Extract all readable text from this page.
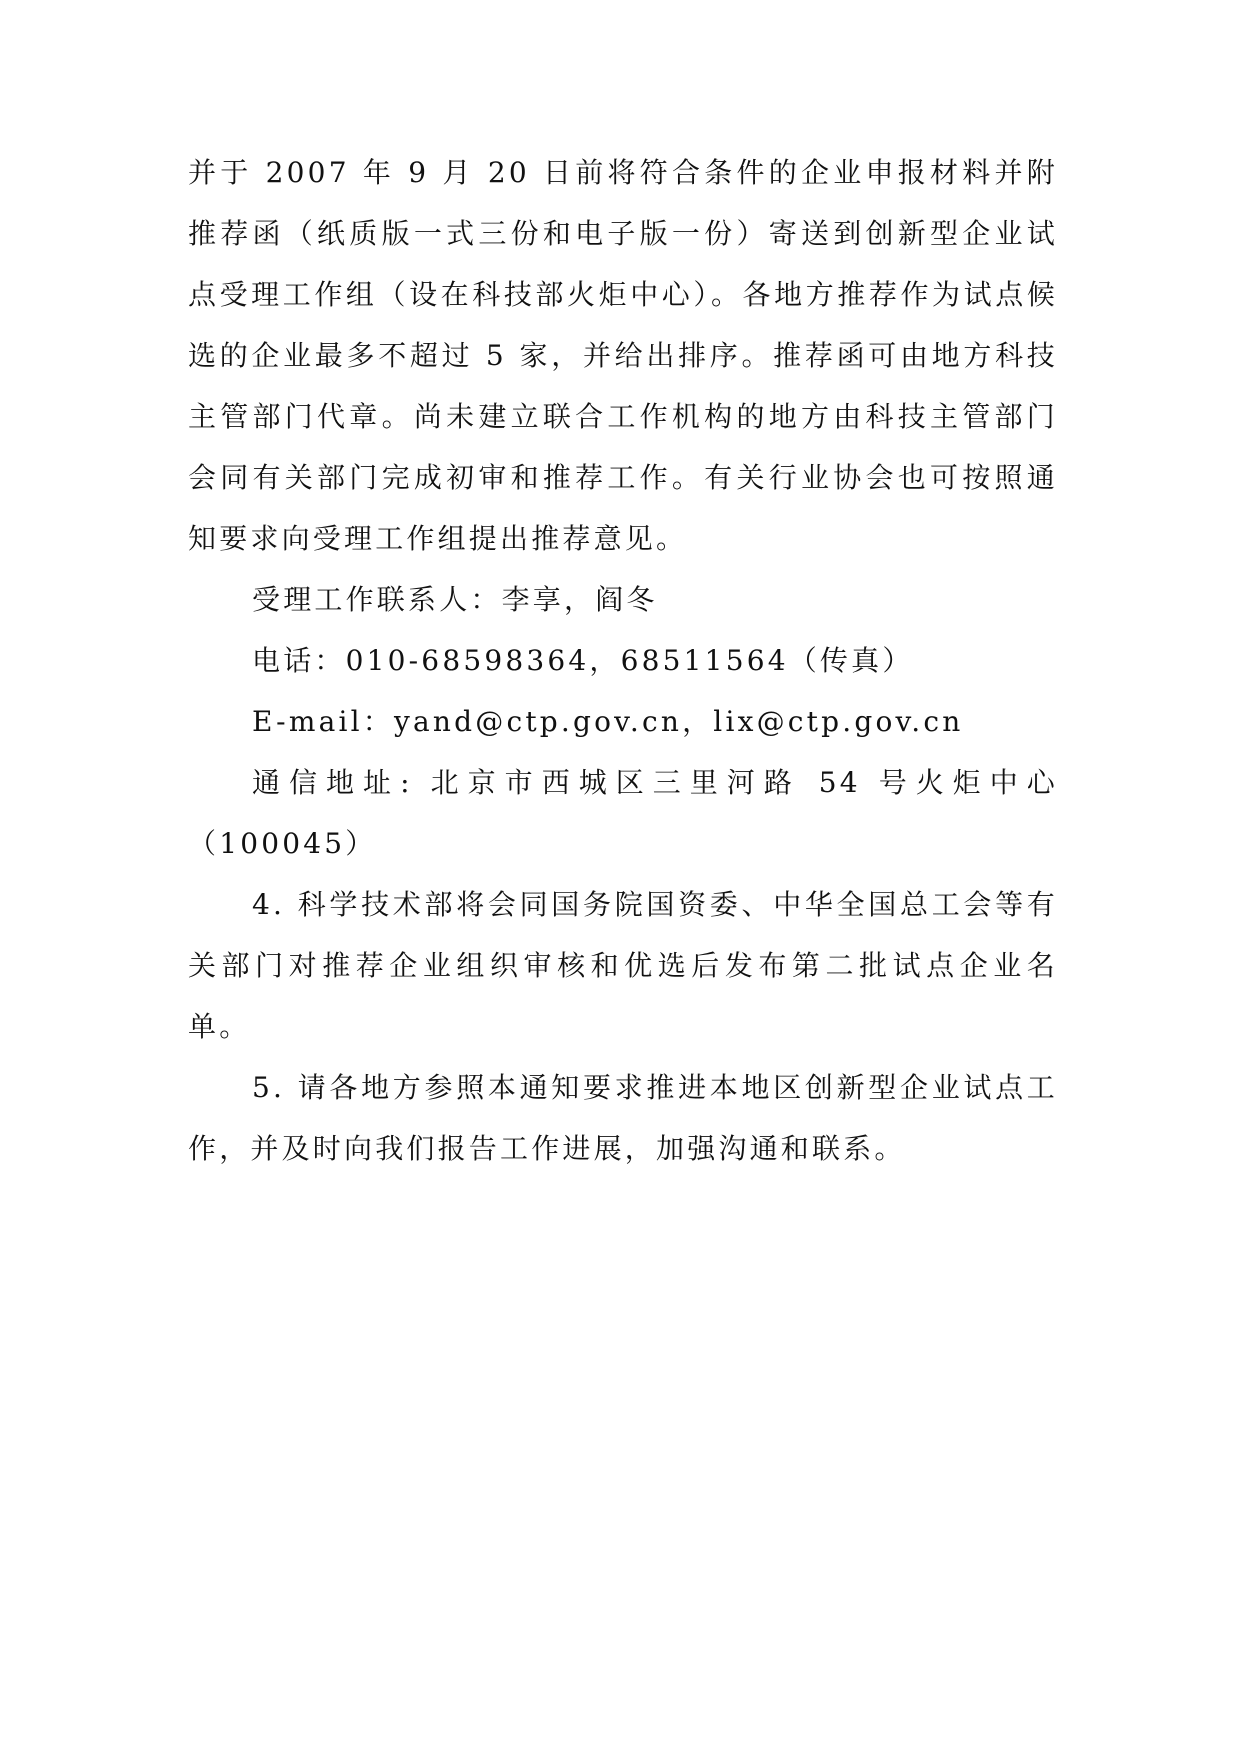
并于 2007 年 9 月 20 日前将符合条件的企业申报材料并附推荐函（纸质版一式三份和电子版一份）寄送到创新型企业试点受理工作组（设在科技部火炬中心）。各地方推荐作为试点候选的企业最多不超过 5 家，并给出排序。推荐函可由地方科技主管部门代章。尚未建立联合工作机构的地方由科技主管部门会同有关部门完成初审和推荐工作。有关行业协会也可按照通知要求向受理工作组提出推荐意见。

受理工作联系人：李享，阎冬

电话：010-68598364，68511564（传真）

E-mail：yand@ctp.gov.cn，lix@ctp.gov.cn

通信地址: 北京市西城区三里河路 54 号火炬中心（100045）

4. 科学技术部将会同国务院国资委、中华全国总工会等有关部门对推荐企业组织审核和优选后发布第二批试点企业名单。

5. 请各地方参照本通知要求推进本地区创新型企业试点工作，并及时向我们报告工作进展，加强沟通和联系。
